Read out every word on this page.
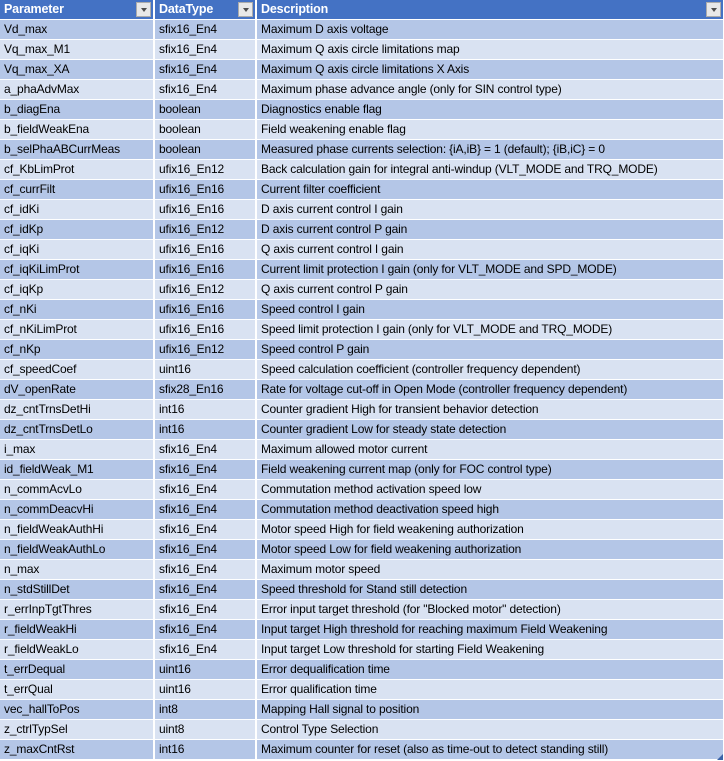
Parameter	DataType	Description
Vd_max	sfix16_En4	Maximum D axis voltage
Vq_max_M1	sfix16_En4	Maximum Q axis circle limitations map
Vq_max_XA	sfix16_En4	Maximum Q axis circle limitations X Axis
a_phaAdvMax	sfix16_En4	Maximum phase advance angle (only for SIN control type)
b_diagEna	boolean	Diagnostics enable flag
b_fieldWeakEna	boolean	Field weakening enable flag
b_selPhaABCurrMeas	boolean	Measured phase currents selection: {iA,iB} = 1 (default); {iB,iC} = 0
cf_KbLimProt	ufix16_En12	Back calculation gain for integral anti-windup (VLT_MODE and TRQ_MODE)
cf_currFilt	ufix16_En16	Current filter coefficient
cf_idKi	ufix16_En16	D axis current control I gain
cf_idKp	ufix16_En12	D axis current control P gain
cf_iqKi	ufix16_En16	Q axis current control I gain
cf_iqKiLimProt	ufix16_En16	Current limit protection I gain (only for VLT_MODE and SPD_MODE)
cf_iqKp	ufix16_En12	Q axis current control P gain
cf_nKi	ufix16_En16	Speed control I gain
cf_nKiLimProt	ufix16_En16	Speed limit protection I gain (only for VLT_MODE and TRQ_MODE)
cf_nKp	ufix16_En12	Speed control P gain
cf_speedCoef	uint16	Speed calculation coefficient (controller frequency dependent)
dV_openRate	sfix28_En16	Rate for voltage cut-off in Open Mode (controller frequency dependent)
dz_cntTrnsDetHi	int16	Counter gradient High for transient behavior detection
dz_cntTrnsDetLo	int16	Counter gradient Low for steady state detection
i_max	sfix16_En4	Maximum allowed motor current
id_fieldWeak_M1	sfix16_En4	Field weakening current map (only for FOC control type)
n_commAcvLo	sfix16_En4	Commutation method activation speed low
n_commDeacvHi	sfix16_En4	Commutation method deactivation speed high
n_fieldWeakAuthHi	sfix16_En4	Motor speed High for field weakening authorization
n_fieldWeakAuthLo	sfix16_En4	Motor speed Low for field weakening authorization
n_max	sfix16_En4	Maximum motor speed
n_stdStillDet	sfix16_En4	Speed threshold for Stand still detection
r_errInpTgtThres	sfix16_En4	Error input target threshold (for "Blocked motor" detection)
r_fieldWeakHi	sfix16_En4	Input target High threshold for reaching maximum Field Weakening
r_fieldWeakLo	sfix16_En4	Input target Low threshold for starting Field Weakening
t_errDequal	uint16	Error dequalification time
t_errQual	uint16	Error qualification time
vec_hallToPos	int8	Mapping Hall signal to position
z_ctrlTypSel	uint8	Control Type Selection
z_maxCntRst	int16	Maximum counter for reset (also as time-out to detect standing still)
